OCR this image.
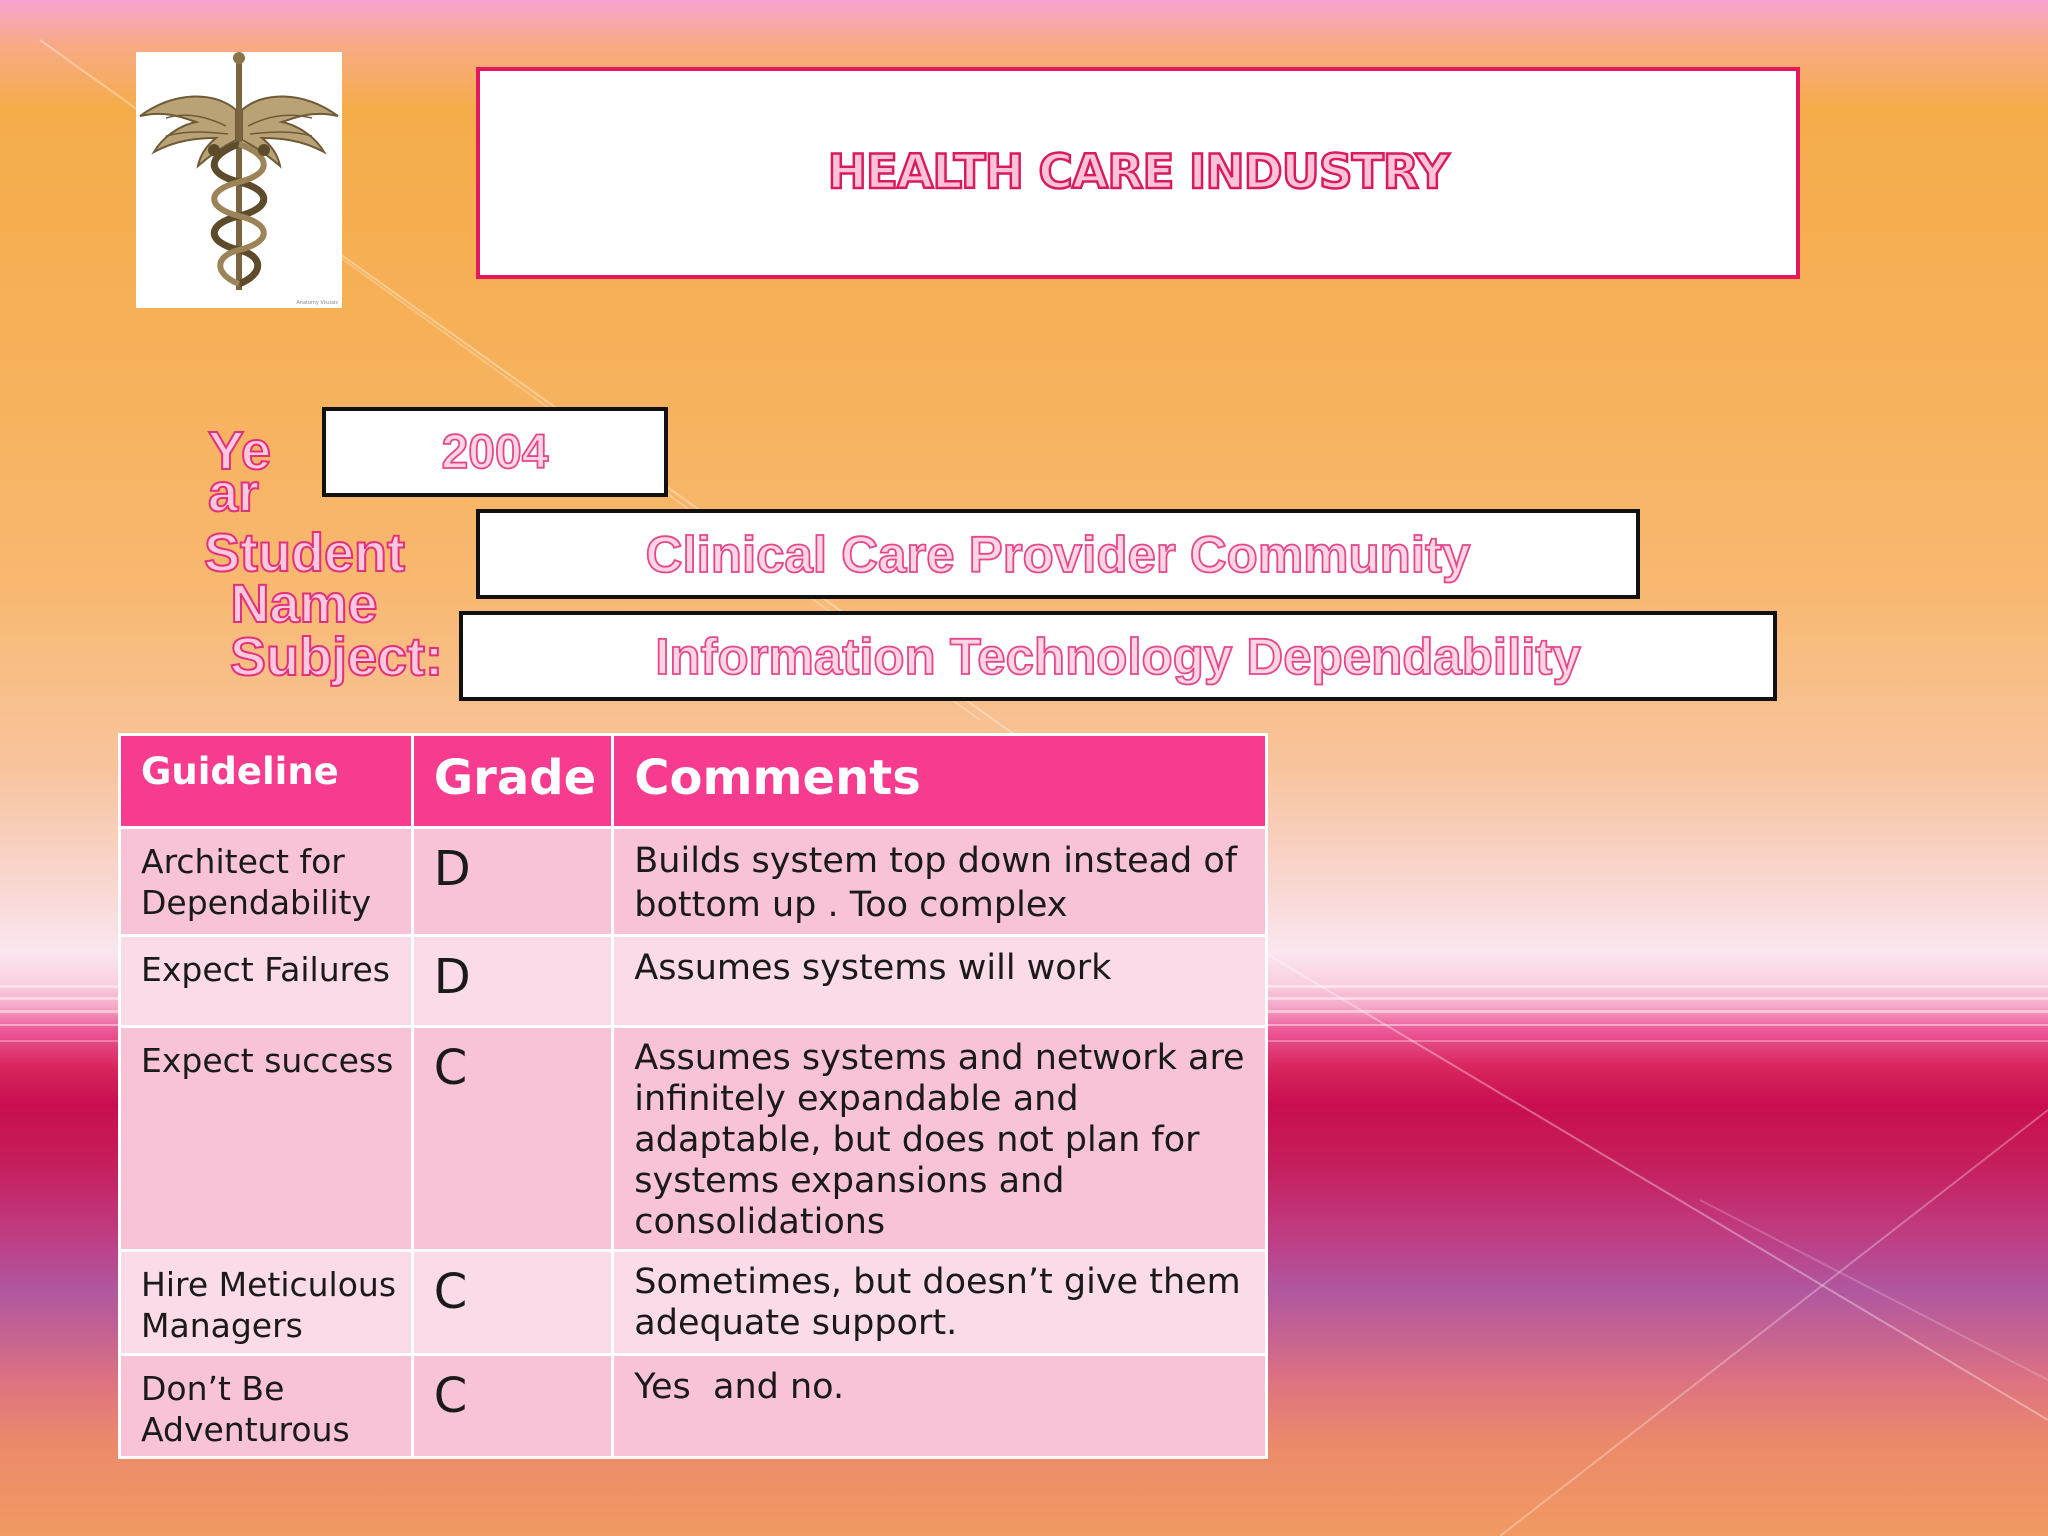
Anatomy Visuals
HEALTH CARE INDUSTRY
Ye ar
2004
Student Name
Clinical Care Provider Community
Subject:	Information Technology Dependability
Guideline	Grade	Comments
Architect for Dependability	D	Builds system top down instead of bottom up . Too complex
Expect Failures	D	Assumes systems will work
Expect success	C	Assumes systems and network are infinitely expandable and adaptable, but does not plan for systems expansions and consolidations
Hire Meticulous Managers	C	Sometimes, but doesn’t give them adequate support.
Don’t Be Adventurous	C	Yes  and no.
